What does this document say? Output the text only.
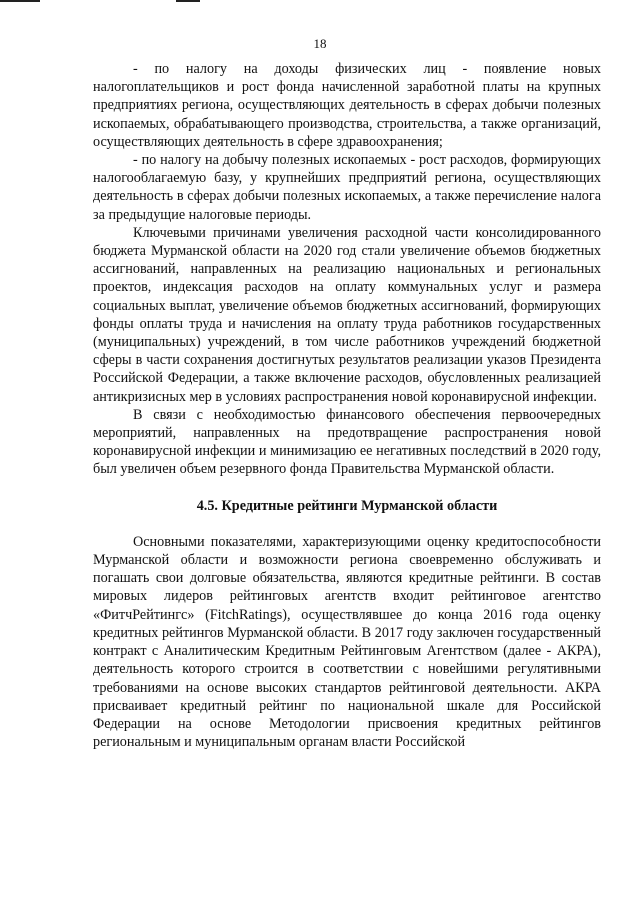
18

- по налогу на доходы физических лиц - появление новых налогоплательщиков и рост фонда начисленной заработной платы на крупных предприятиях региона, осуществляющих деятельность в сферах добычи полезных ископаемых, обрабатывающего производства, строительства, а также организаций, осуществляющих деятельность в сфере здравоохранения;

- по налогу на добычу полезных ископаемых - рост расходов, формирующих налогооблагаемую базу, у крупнейших предприятий региона, осуществляющих деятельность в сферах добычи полезных ископаемых, а также перечисление налога за предыдущие налоговые периоды.

Ключевыми причинами увеличения расходной части консолидированного бюджета Мурманской области на 2020 год стали увеличение объемов бюджетных ассигнований, направленных на реализацию национальных и региональных проектов, индексация расходов на оплату коммунальных услуг и размера социальных выплат, увеличение объемов бюджетных ассигнований, формирующих фонды оплаты труда и начисления на оплату труда работников государственных (муниципальных) учреждений, в том числе работников учреждений бюджетной сферы в части сохранения достигнутых результатов реализации указов Президента Российской Федерации, а также включение расходов, обусловленных реализацией антикризисных мер в условиях распространения новой коронавирусной инфекции.

В связи с необходимостью финансового обеспечения первоочередных мероприятий, направленных на предотвращение распространения новой коронавирусной инфекции и минимизацию ее негативных последствий в 2020 году, был увеличен объем резервного фонда Правительства Мурманской области.

4.5. Кредитные рейтинги Мурманской области

Основными показателями, характеризующими оценку кредитоспособности Мурманской области и возможности региона своевременно обслуживать и погашать свои долговые обязательства, являются кредитные рейтинги. В состав мировых лидеров рейтинговых агентств входит рейтинговое агентство «ФитчРейтингс» (FitchRatings), осуществлявшее до конца 2016 года оценку кредитных рейтингов Мурманской области. В 2017 году заключен государственный контракт с Аналитическим Кредитным Рейтинговым Агентством (далее - АКРА), деятельность которого строится в соответствии с новейшими регулятивными требованиями на основе высоких стандартов рейтинговой деятельности. АКРА присваивает кредитный рейтинг по национальной шкале для Российской Федерации на основе Методологии присвоения кредитных рейтингов региональным и муниципальным органам власти Российской
